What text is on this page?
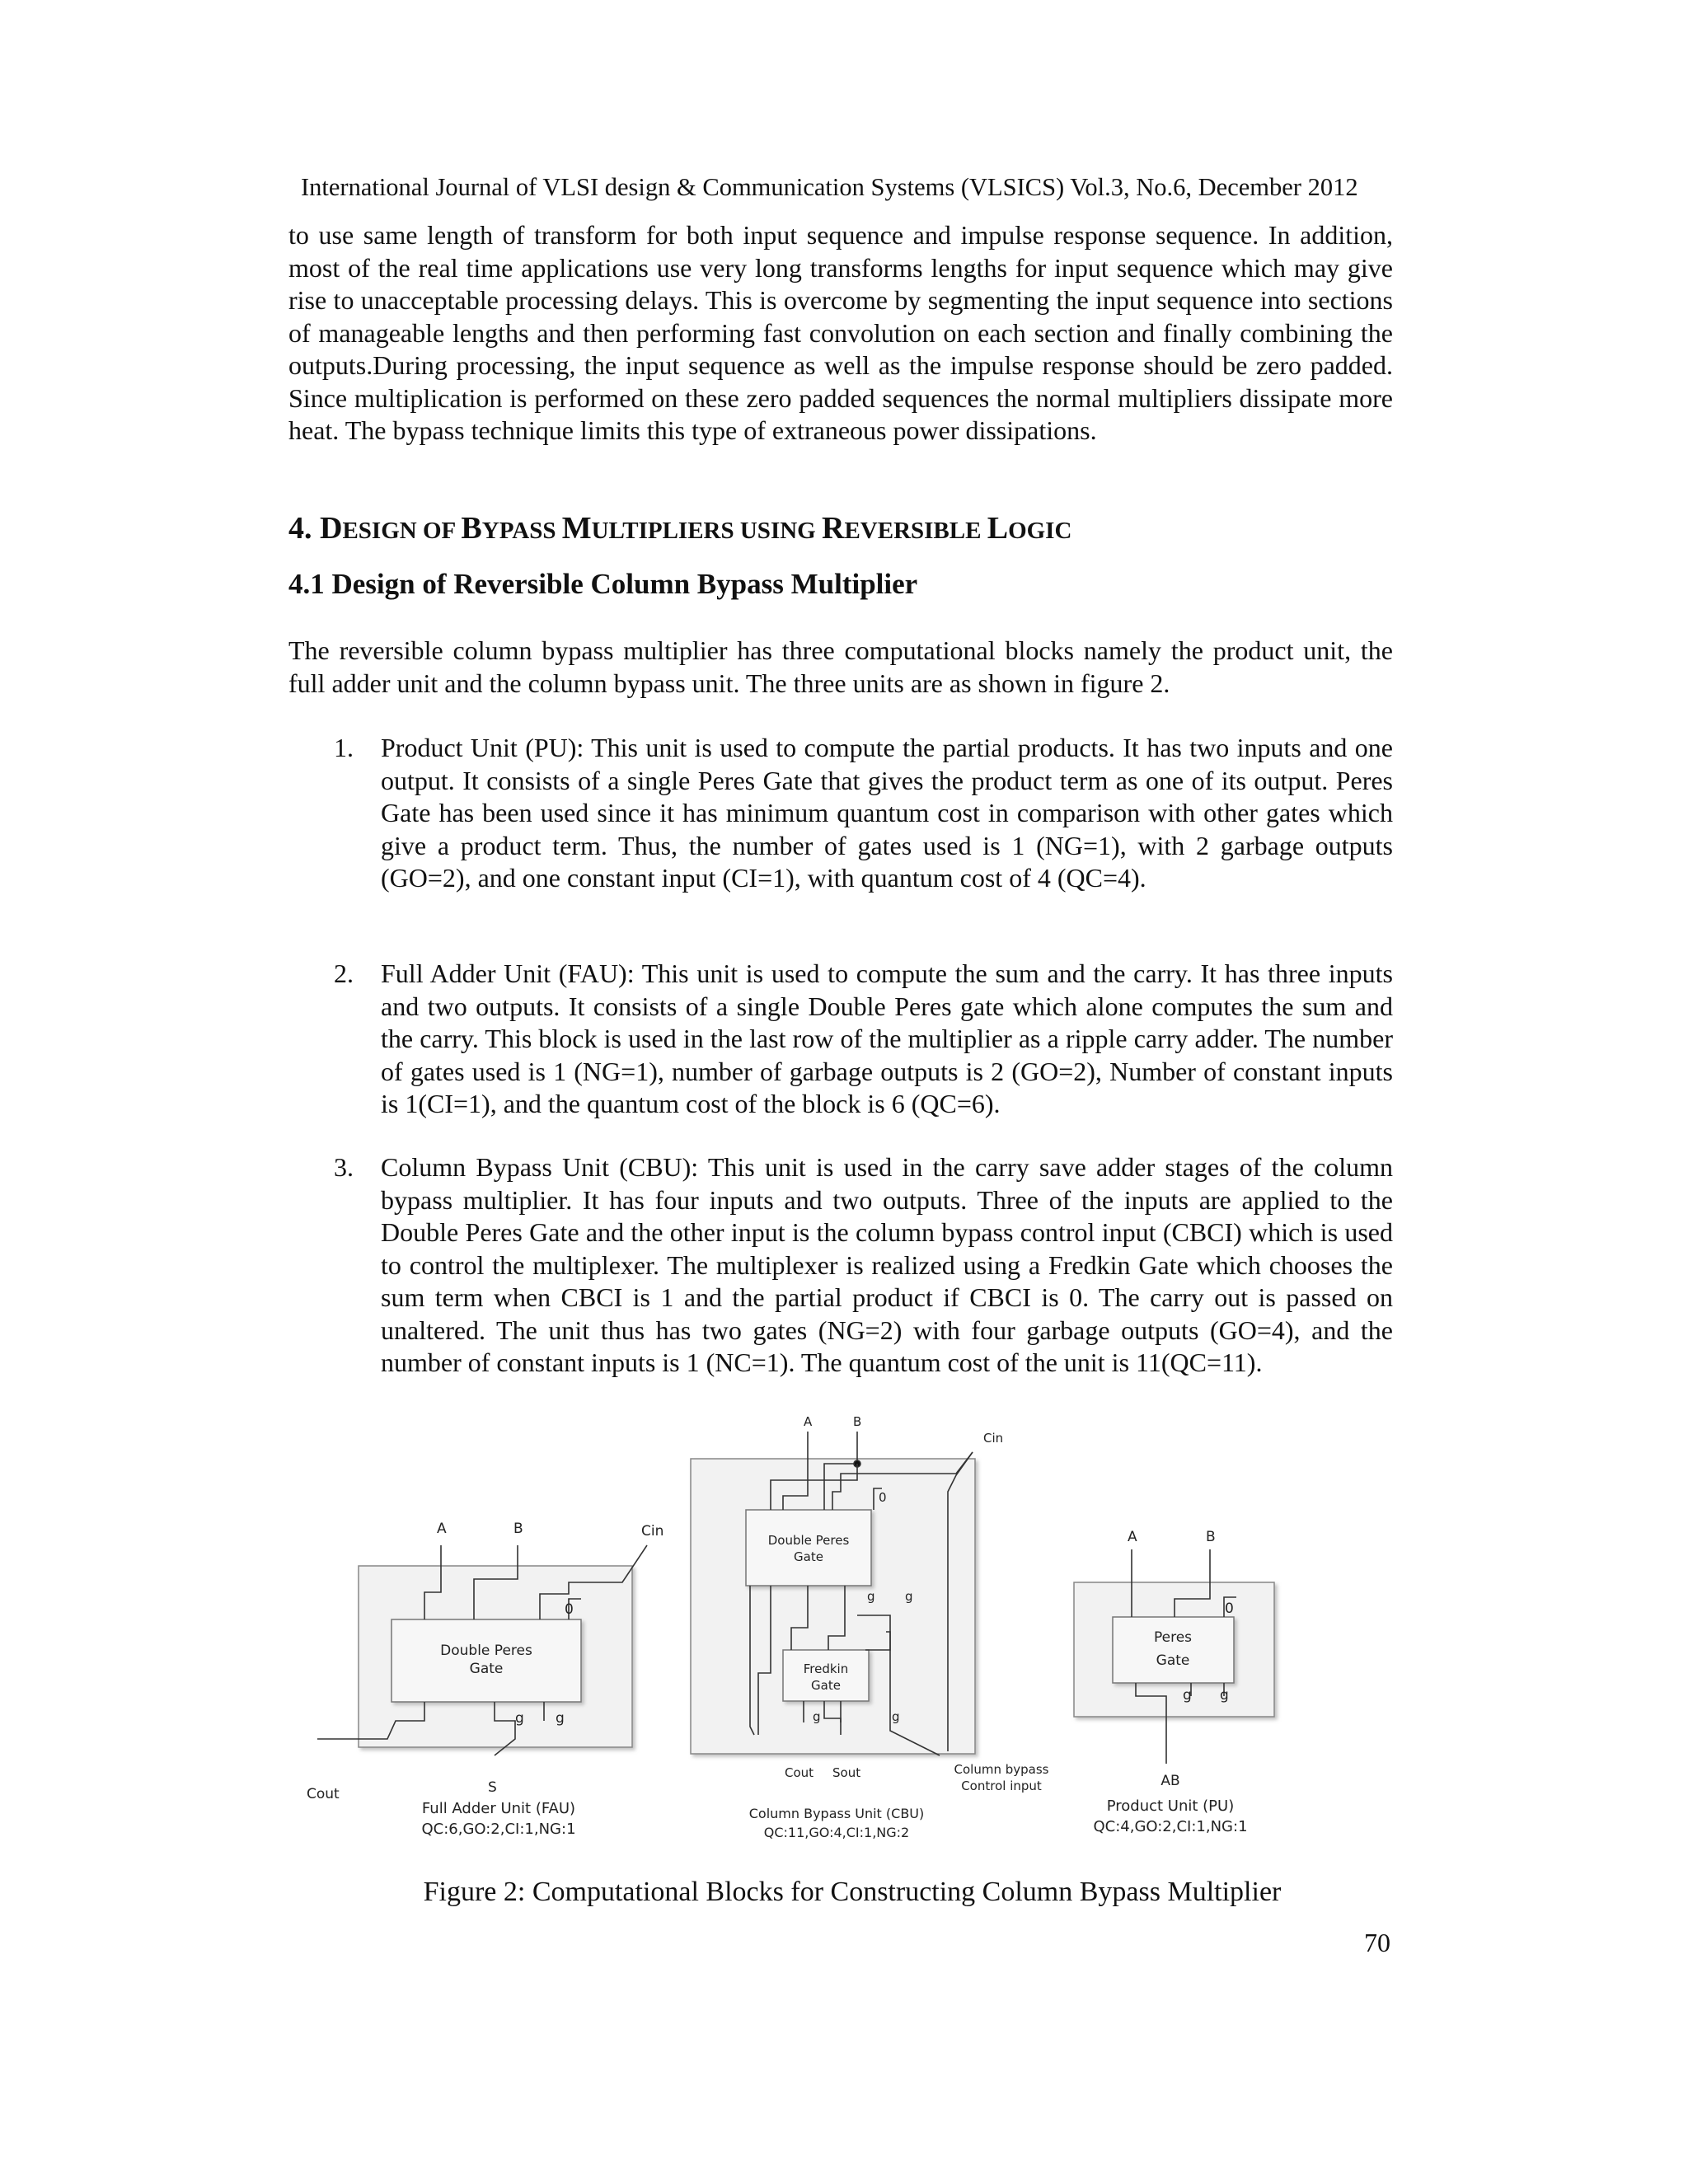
International Journal of VLSI design & Communication Systems (VLSICS) Vol.3, No.6, December 2012

to use same length of transform for both input sequence and impulse response sequence. In addition, most of the real time applications use very long transforms lengths for input sequence which may give rise to unacceptable processing delays. This is overcome by segmenting the input sequence into sections of manageable lengths and then performing fast convolution on each section and finally combining the outputs.During processing, the input sequence as well as the impulse response should be zero padded. Since multiplication is performed on these zero padded sequences the normal multipliers dissipate more heat. The bypass technique limits this type of extraneous power dissipations.

4. DESIGN OF BYPASS MULTIPLIERS USING REVERSIBLE LOGIC
4.1 Design of Reversible Column Bypass Multiplier

The reversible column bypass multiplier has three computational blocks namely the product unit, the full adder unit and the column bypass unit. The three units are as shown in figure 2.

1. Product Unit (PU): This unit is used to compute the partial products. It has two inputs and one output. It consists of a single Peres Gate that gives the product term as one of its output. Peres Gate has been used since it has minimum quantum cost in comparison with other gates which give a product term. Thus, the number of gates used is 1 (NG=1), with 2 garbage outputs (GO=2), and one constant input (CI=1), with quantum cost of 4 (QC=4).

2. Full Adder Unit (FAU): This unit is used to compute the sum and the carry. It has three inputs and two outputs. It consists of a single Double Peres gate which alone computes the sum and the carry. This block is used in the last row of the multiplier as a ripple carry adder. The number of gates used is 1 (NG=1), number of garbage outputs is 2 (GO=2), Number of constant inputs is 1(CI=1), and the quantum cost of the block is 6 (QC=6).

3. Column Bypass Unit (CBU): This unit is used in the carry save adder stages of the column bypass multiplier. It has four inputs and two outputs. Three of the inputs are applied to the Double Peres Gate and the other input is the column bypass control input (CBCI) which is used to control the multiplexer. The multiplexer is realized using a Fredkin Gate which chooses the sum term when CBCI is 1 and the partial product if CBCI is 0. The carry out is passed on unaltered. The unit thus has two gates (NG=2) with four garbage outputs (GO=4), and the number of constant inputs is 1 (NC=1). The quantum cost of the unit is 11(QC=11).

A	B	Cin
0
Double Peres
Gate
g g
Cout	S
Full Adder Unit (FAU)
QC:6,GO:2,CI:1,NG:1
A	B
Cin
0
Double Peres
Gate
Fredkin
Gate
g g
g	g
Cout Sout	Column bypass
Control input
Column Bypass Unit (CBU)
QC:11,GO:4,CI:1,NG:2
A	B
0
Peres
Gate
g g
AB
Product Unit (PU)
QC:4,GO:2,CI:1,NG:1
Figure 2: Computational Blocks for Constructing Column Bypass Multiplier
70
